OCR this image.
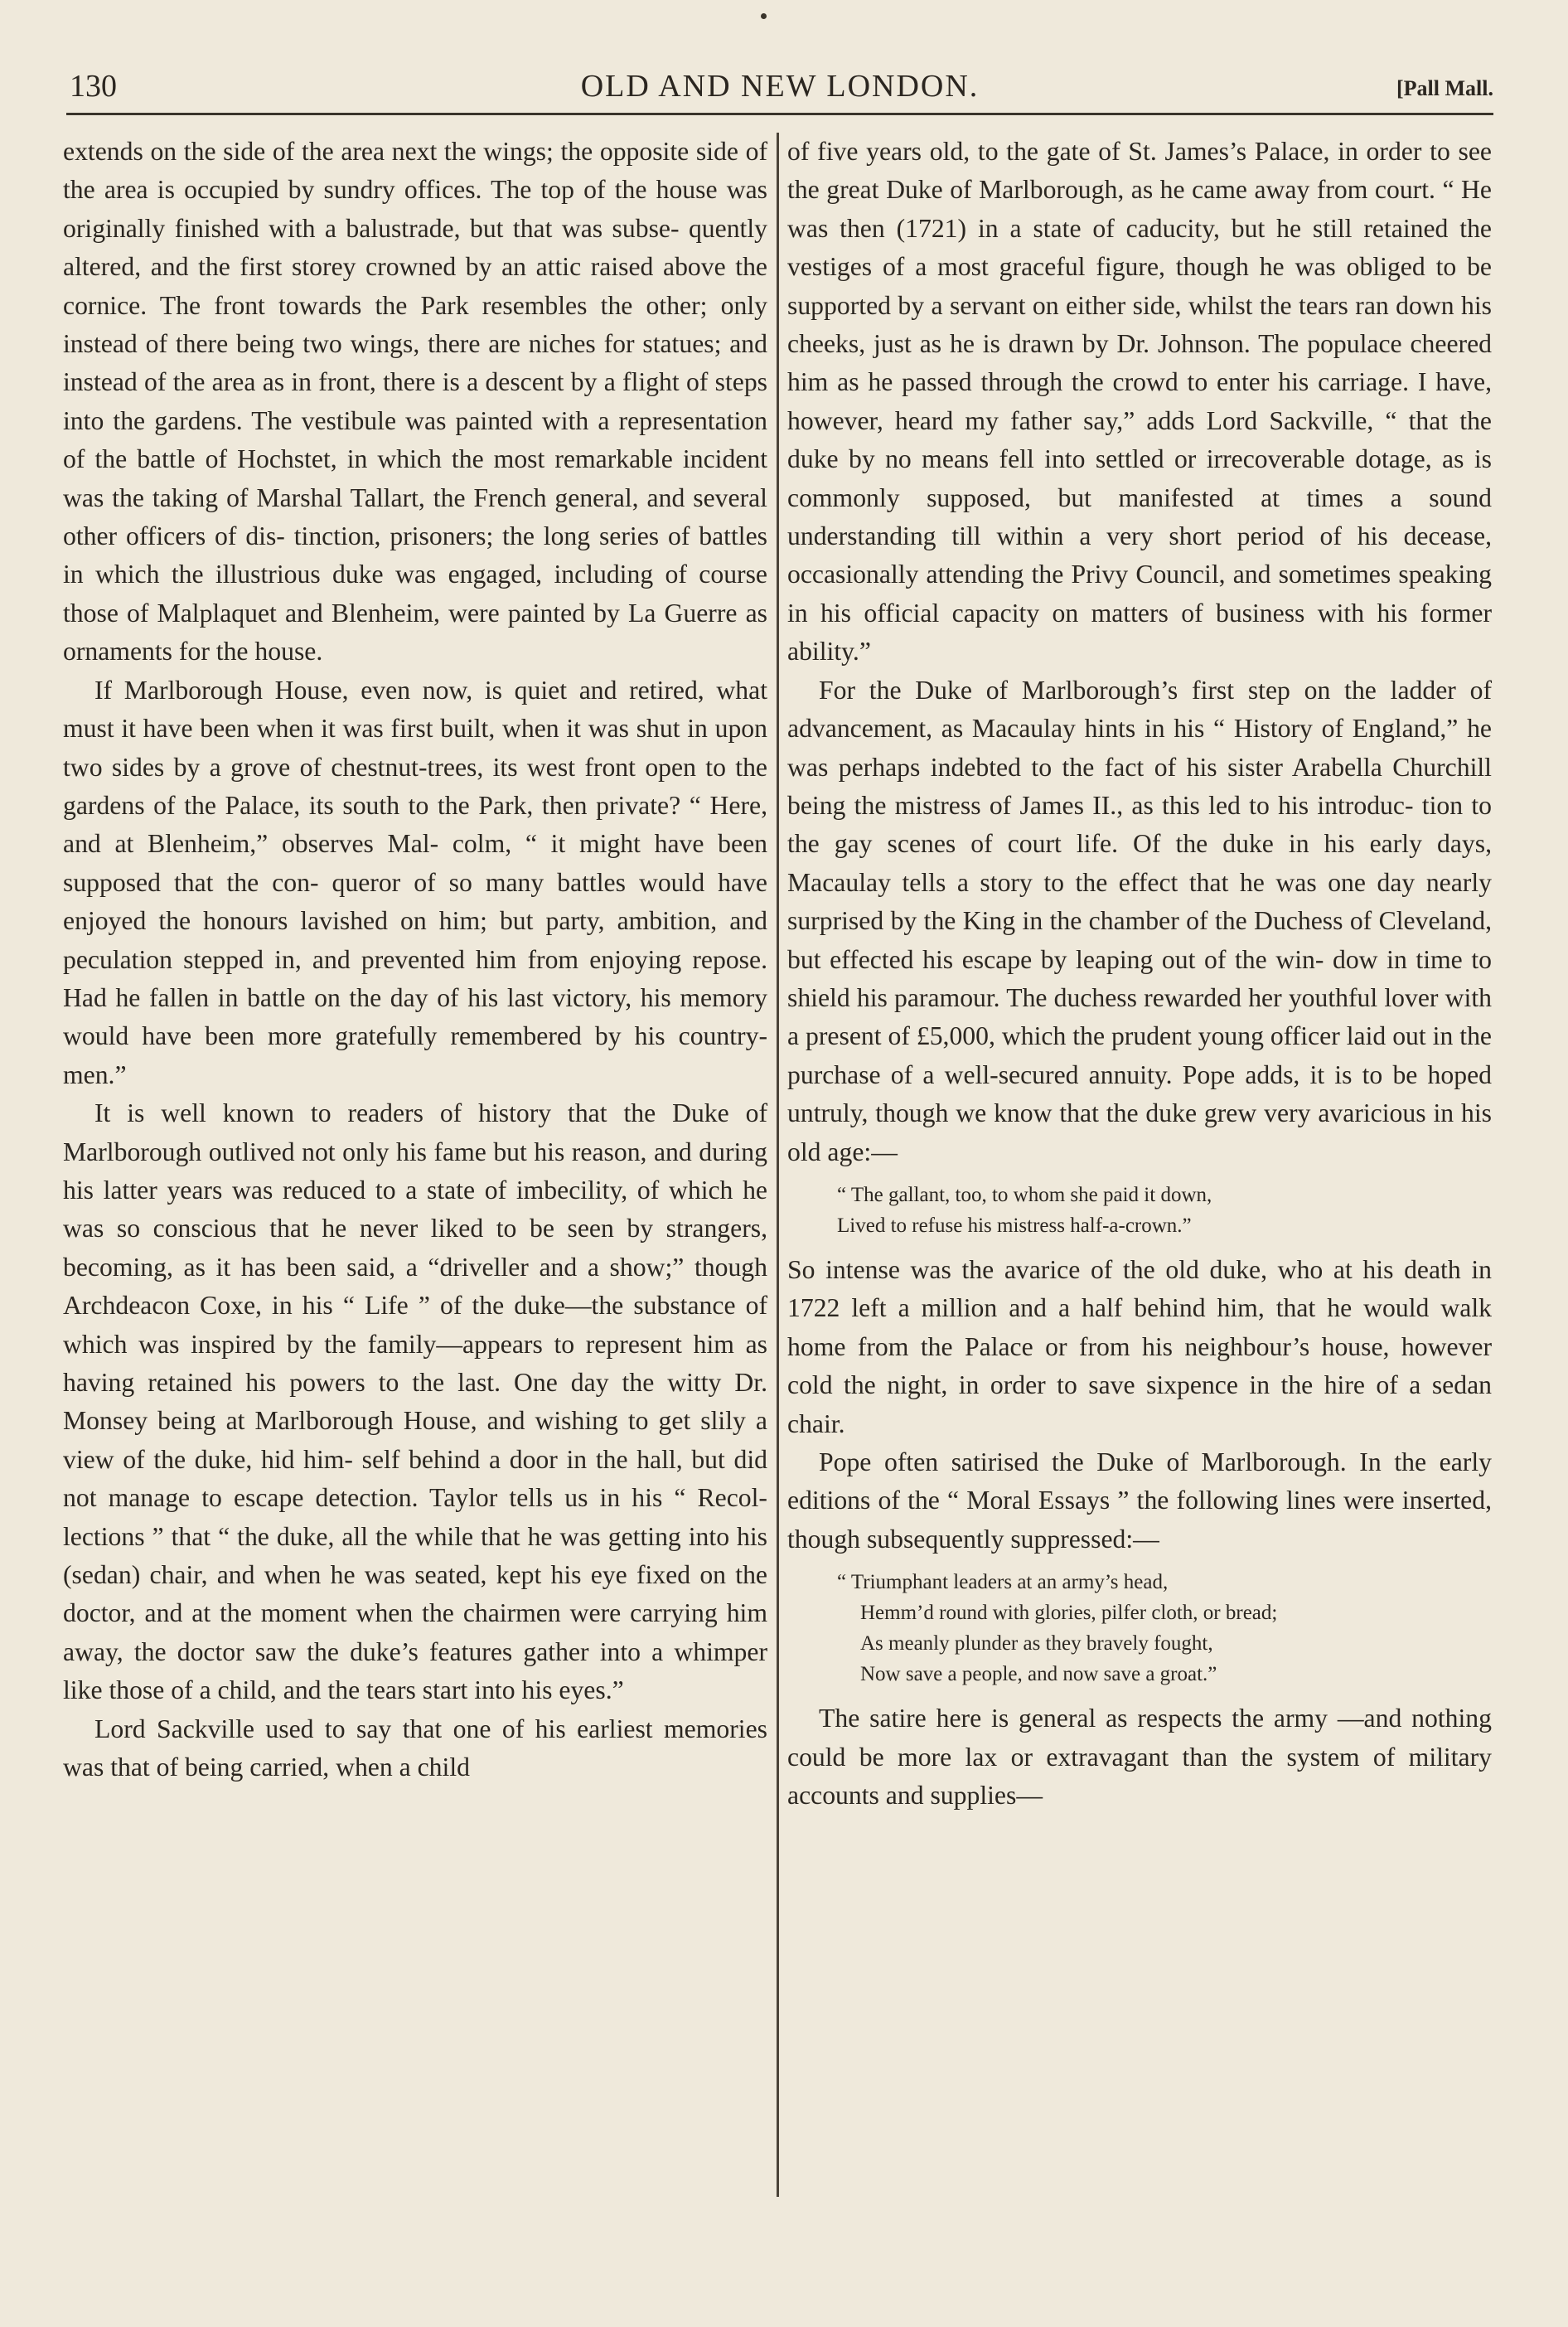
130	OLD AND NEW LONDON.	[Pall Mall.

extends on the side of the area next the wings; the opposite side of the area is occupied by sundry offices. The top of the house was originally finished with a balustrade, but that was subse- quently altered, and the first storey crowned by an attic raised above the cornice. The front towards the Park resembles the other; only instead of there being two wings, there are niches for statues; and instead of the area as in front, there is a descent by a flight of steps into the gardens. The vestibule was painted with a representation of the battle of Hochstet, in which the most remarkable incident was the taking of Marshal Tallart, the French general, and several other officers of dis- tinction, prisoners; the long series of battles in which the illustrious duke was engaged, including of course those of Malplaquet and Blenheim, were painted by La Guerre as ornaments for the house.

If Marlborough House, even now, is quiet and retired, what must it have been when it was first built, when it was shut in upon two sides by a grove of chestnut-trees, its west front open to the gardens of the Palace, its south to the Park, then private? “ Here, and at Blenheim,” observes Mal- colm, “ it might have been supposed that the con- queror of so many battles would have enjoyed the honours lavished on him; but party, ambition, and peculation stepped in, and prevented him from enjoying repose. Had he fallen in battle on the day of his last victory, his memory would have been more gratefully remembered by his country- men.”

It is well known to readers of history that the Duke of Marlborough outlived not only his fame but his reason, and during his latter years was reduced to a state of imbecility, of which he was so conscious that he never liked to be seen by strangers, becoming, as it has been said, a “driveller and a show;” though Archdeacon Coxe, in his “ Life ” of the duke—the substance of which was inspired by the family—appears to represent him as having retained his powers to the last. One day the witty Dr. Monsey being at Marlborough House, and wishing to get slily a view of the duke, hid him- self behind a door in the hall, but did not manage to escape detection. Taylor tells us in his “ Recol- lections ” that “ the duke, all the while that he was getting into his (sedan) chair, and when he was seated, kept his eye fixed on the doctor, and at the moment when the chairmen were carrying him away, the doctor saw the duke’s features gather into a whimper like those of a child, and the tears start into his eyes.”

Lord Sackville used to say that one of his earliest memories was that of being carried, when a child

of five years old, to the gate of St. James’s Palace, in order to see the great Duke of Marlborough, as he came away from court. “ He was then (1721) in a state of caducity, but he still retained the vestiges of a most graceful figure, though he was obliged to be supported by a servant on either side, whilst the tears ran down his cheeks, just as he is drawn by Dr. Johnson. The populace cheered him as he passed through the crowd to enter his carriage. I have, however, heard my father say,” adds Lord Sackville, “ that the duke by no means fell into settled or irrecoverable dotage, as is commonly supposed, but manifested at times a sound understanding till within a very short period of his decease, occasionally attending the Privy Council, and sometimes speaking in his official capacity on matters of business with his former ability.”

For the Duke of Marlborough’s first step on the ladder of advancement, as Macaulay hints in his “ History of England,” he was perhaps indebted to the fact of his sister Arabella Churchill being the mistress of James II., as this led to his introduc- tion to the gay scenes of court life. Of the duke in his early days, Macaulay tells a story to the effect that he was one day nearly surprised by the King in the chamber of the Duchess of Cleveland, but effected his escape by leaping out of the win- dow in time to shield his paramour. The duchess rewarded her youthful lover with a present of £5,000, which the prudent young officer laid out in the purchase of a well-secured annuity. Pope adds, it is to be hoped untruly, though we know that the duke grew very avaricious in his old age:—

“ The gallant, too, to whom she paid it down,
Lived to refuse his mistress half-a-crown.”

So intense was the avarice of the old duke, who at his death in 1722 left a million and a half behind him, that he would walk home from the Palace or from his neighbour’s house, however cold the night, in order to save sixpence in the hire of a sedan chair.

Pope often satirised the Duke of Marlborough. In the early editions of the “ Moral Essays ” the following lines were inserted, though subsequently suppressed:—

“ Triumphant leaders at an army’s head,
Hemm’d round with glories, pilfer cloth, or bread;
As meanly plunder as they bravely fought,
Now save a people, and now save a groat.”

The satire here is general as respects the army —and nothing could be more lax or extravagant than the system of military accounts and supplies—
